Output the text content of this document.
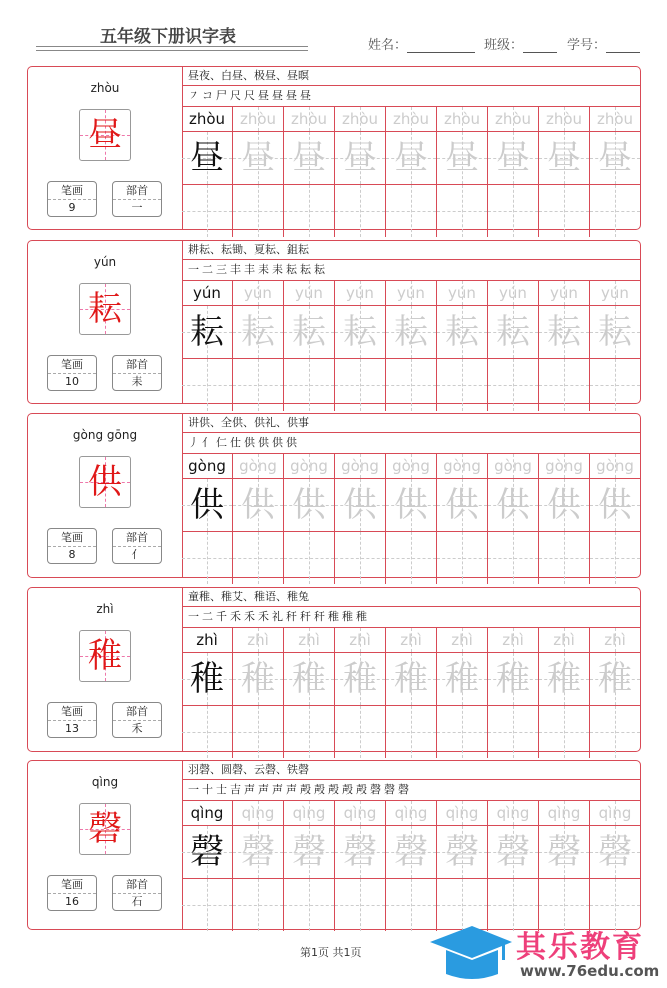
五年级下册识字表	姓名：	班级：	学号：
zhòu
昼
笔画
9
部首
一
昼夜、白昼、极昼、昼暝
㇇コ尸尺尺昼昼昼昼
zhòu zhòu zhòu zhòu zhòu zhòu zhòu zhòu zhòu
昼 昼 昼 昼 昼 昼 昼 昼 昼
yún
耘
笔画
10
部首
耒
耕耘、耘锄、夏耘、鉏耘
一二三丰丰耒耒耘耘耘
yún	yún	yún	yún	yún	yún	yún	yún	yún
耘 耘 耘 耘 耘 耘 耘 耘 耘
gòng gōng
供
笔画
8
部首
亻
讲供、全供、供礼、供事
丿亻仁仕供供供供
gòng gòng gòng gòng gòng gòng gòng gòng gòng
供 供 供 供 供 供 供 供 供
zhì
稚
笔画
13
部首
禾
童稚、稚艾、稚语、稚兔
一二千禾禾禾礼秆秆秆稚稚稚
zhì	zhì	zhì	zhì	zhì	zhì	zhì	zhì	zhì
稚 稚 稚 稚 稚 稚 稚 稚 稚
qìng
磬
笔画
16
部首
石
羽磬、圆磬、云磬、铁磬
一十士吉声声声声殸殸殸殸殸磬磬磬
qìng	qìng	qìng	qìng	qìng	qìng	qìng	qìng	qìng
磬 磬 磬 磬 磬 磬 磬 磬 磬
第1页 共1页	其乐教育
www.76edu.com
